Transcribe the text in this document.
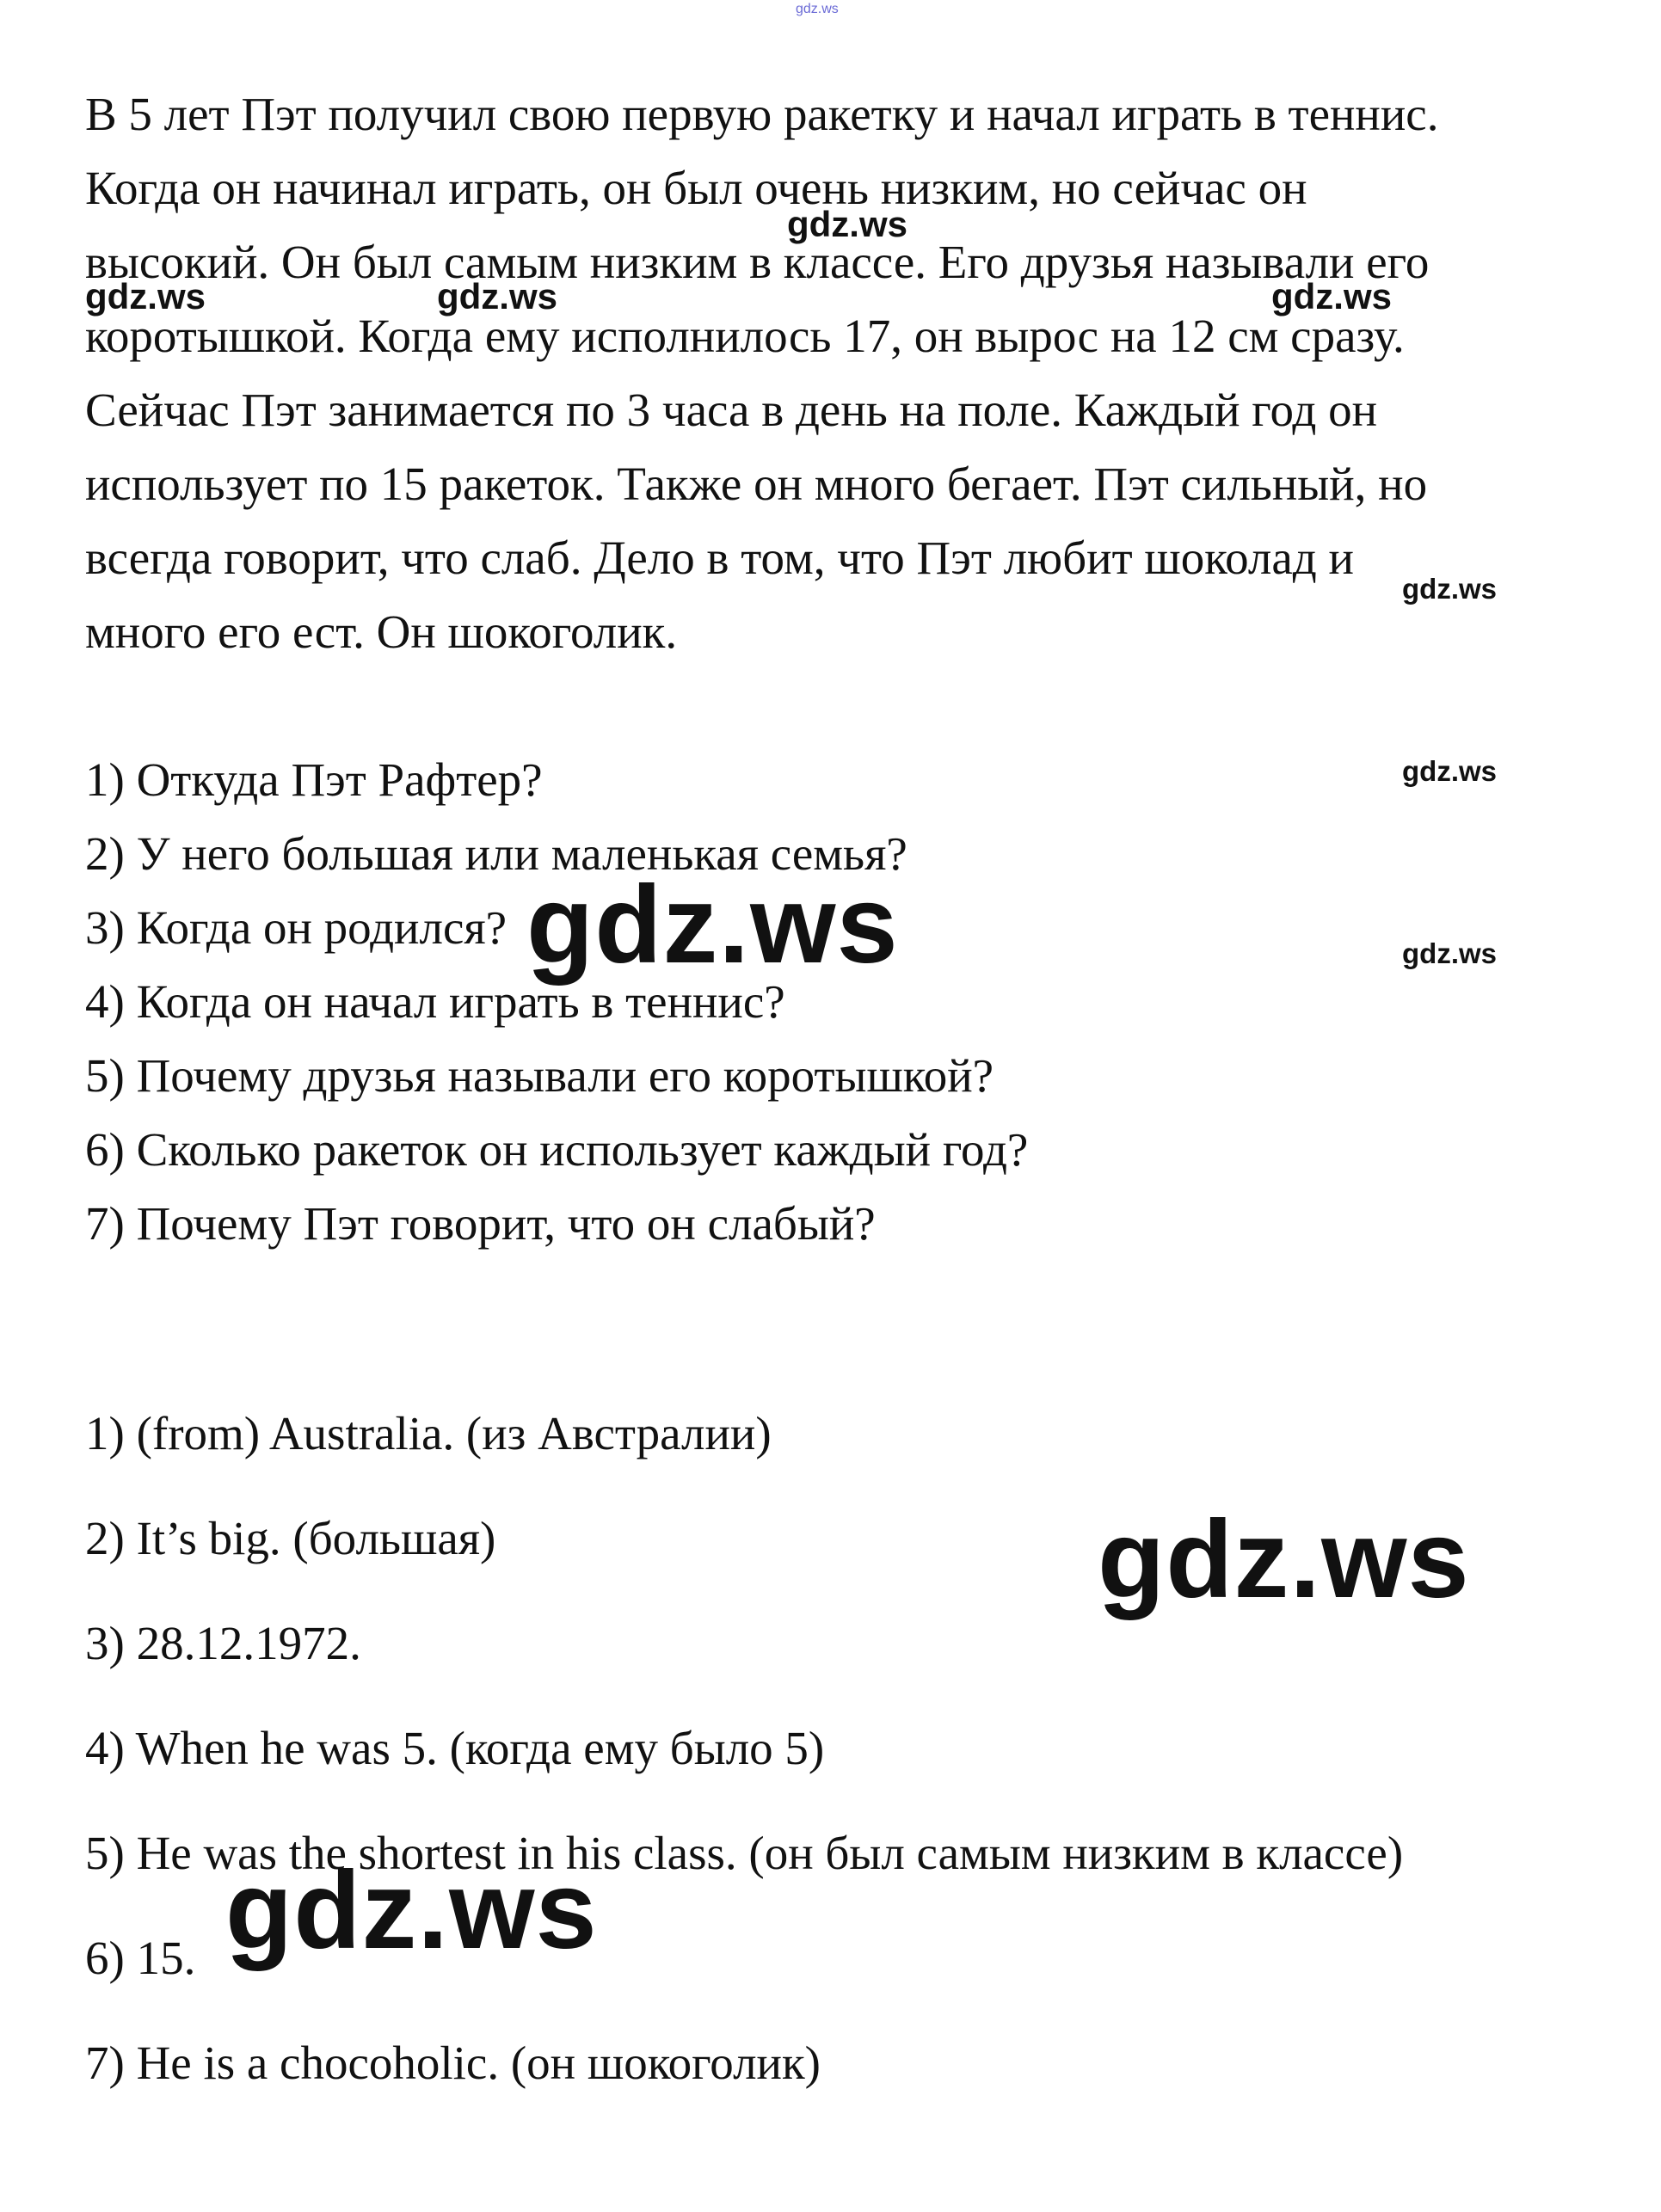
gdz.ws

В 5 лет Пэт получил свою первую ракетку и начал играть в теннис.

Когда он начинал играть, он был очень низким, но сейчас он

высокий. Он был самым низким в классе. Его друзья называли его

коротышкой. Когда ему исполнилось 17, он вырос на 12 см сразу.

Сейчас Пэт занимается по 3 часа в день на поле. Каждый год он

использует по 15 ракеток. Также он много бегает. Пэт сильный, но

всегда говорит, что слаб. Дело в том, что Пэт любит шоколад и

много его ест. Он шокоголик.

1) Откуда Пэт Рафтер?

2) У него большая или маленькая семья?

3) Когда он родился?

4) Когда он начал играть в теннис?

5) Почему друзья называли его коротышкой?

6) Сколько ракеток он использует каждый год?

7) Почему Пэт говорит, что он слабый?

1) (from) Australia. (из Австралии)

2) It’s big. (большая)

3) 28.12.1972.

4) When he was 5. (когда ему было 5)

5) He was the shortest in his class. (он был самым низким в классе)

6) 15.

7) He is a chocoholic. (он шокоголик)

gdz.ws
gdz.ws	gdz.ws	gdz.ws
gdz.ws
gdz.ws
gdz.ws	gdz.ws
gdz.ws
gdz.ws
